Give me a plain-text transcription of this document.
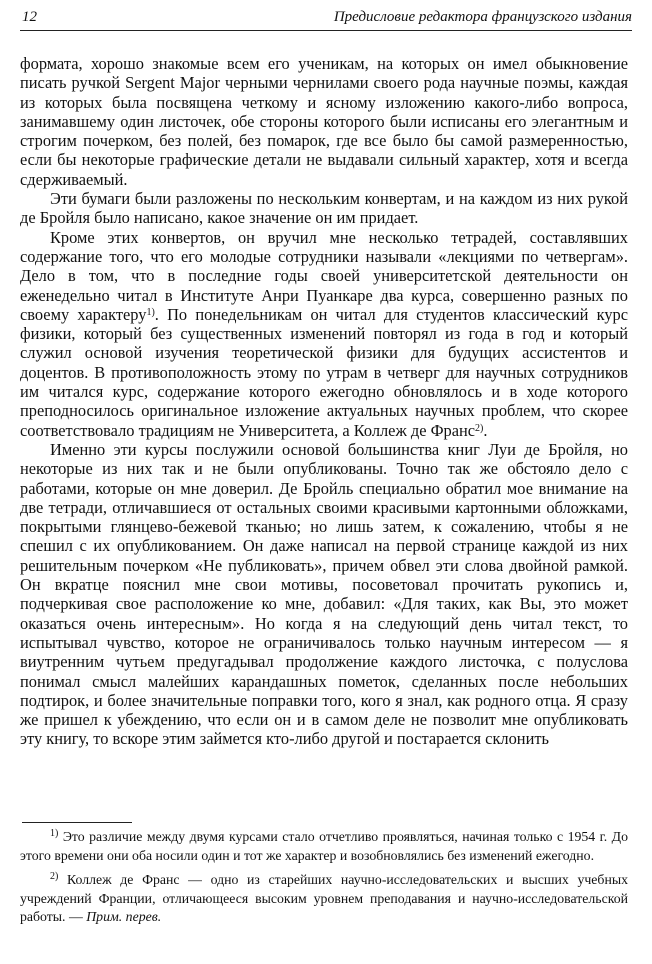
12	Предисловие редактора французского издания

формата, хорошо знакомые всем его ученикам, на которых он имел обыкновение писать ручкой Sergent Major черными чернилами своего рода научные поэмы, каждая из которых была посвящена четкому и ясному изложению какого-либо вопроса, занимавшему один листочек, обе стороны которого были исписаны его элегантным и строгим почерком, без полей, без помарок, где все было бы самой размеренностью, если бы некоторые графические детали не выдавали сильный характер, хотя и всегда сдерживаемый.

Эти бумаги были разложены по нескольким конвертам, и на каждом из них рукой де Бройля было написано, какое значение он им придает.

Кроме этих конвертов, он вручил мне несколько тетрадей, составлявших содержание того, что его молодые сотрудники называли «лекциями по четвергам». Дело в том, что в последние годы своей университетской деятельности он еженедельно читал в Институте Анри Пуанкаре два курса, совершенно разных по своему характеру$^{1)}$. По понедельникам он читал для студентов классический курс физики, который без существенных изменений повторял из года в год и который служил основой изучения теоретической физики для будущих ассистентов и доцентов. В противоположность этому по утрам в четверг для научных сотрудников им читался курс, содержание которого ежегодно обновлялось и в ходе которого преподносилось оригинальное изложение актуальных научных проблем, что скорее соответствовало традициям не Университета, а Коллеж де Франс$^{2)}$.

Именно эти курсы послужили основой большинства книг Луи де Бройля, но некоторые из них так и не были опубликованы. Точно так же обстояло дело с работами, которые он мне доверил. Де Бройль специально обратил мое внимание на две тетради, отличавшиеся от остальных своими красивыми картонными обложками, покрытыми глянцево-бежевой тканью; но лишь затем, к сожалению, чтобы я не спешил с их опубликованием. Он даже написал на первой странице каждой из них решительным почерком «Не публиковать», причем обвел эти слова двойной рамкой. Он вкратце пояснил мне свои мотивы, посоветовал прочитать рукопись и, подчеркивая свое расположение ко мне, добавил: «Для таких, как Вы, это может оказаться очень интересным». Но когда я на следующий день читал текст, то испытывал чувство, которое не ограничивалось только научным интересом — я виутренним чутьем предугадывал продолжение каждого листочка, с полуслова понимал смысл малейших карандашных пометок, сделанных после небольших подтирок, и более значительные поправки того, кого я знал, как родного отца. Я сразу же пришел к убеждению, что если он и в самом деле не позволит мне опубликовать эту книгу, то вскоре этим займется кто-либо другой и постарается склонить

$^{1)}$ Это различие между двумя курсами стало отчетливо проявляться, начиная только с 1954 г. До этого времени они оба носили один и тот же характер и возобновлялись без изменений ежегодно.

$^{2)}$ Коллеж де Франс — одно из старейших научно-исследовательских и высших учебных учреждений Франции, отличающееся высоким уровнем преподавания и научно-исследовательской работы. — Прим. перев.
